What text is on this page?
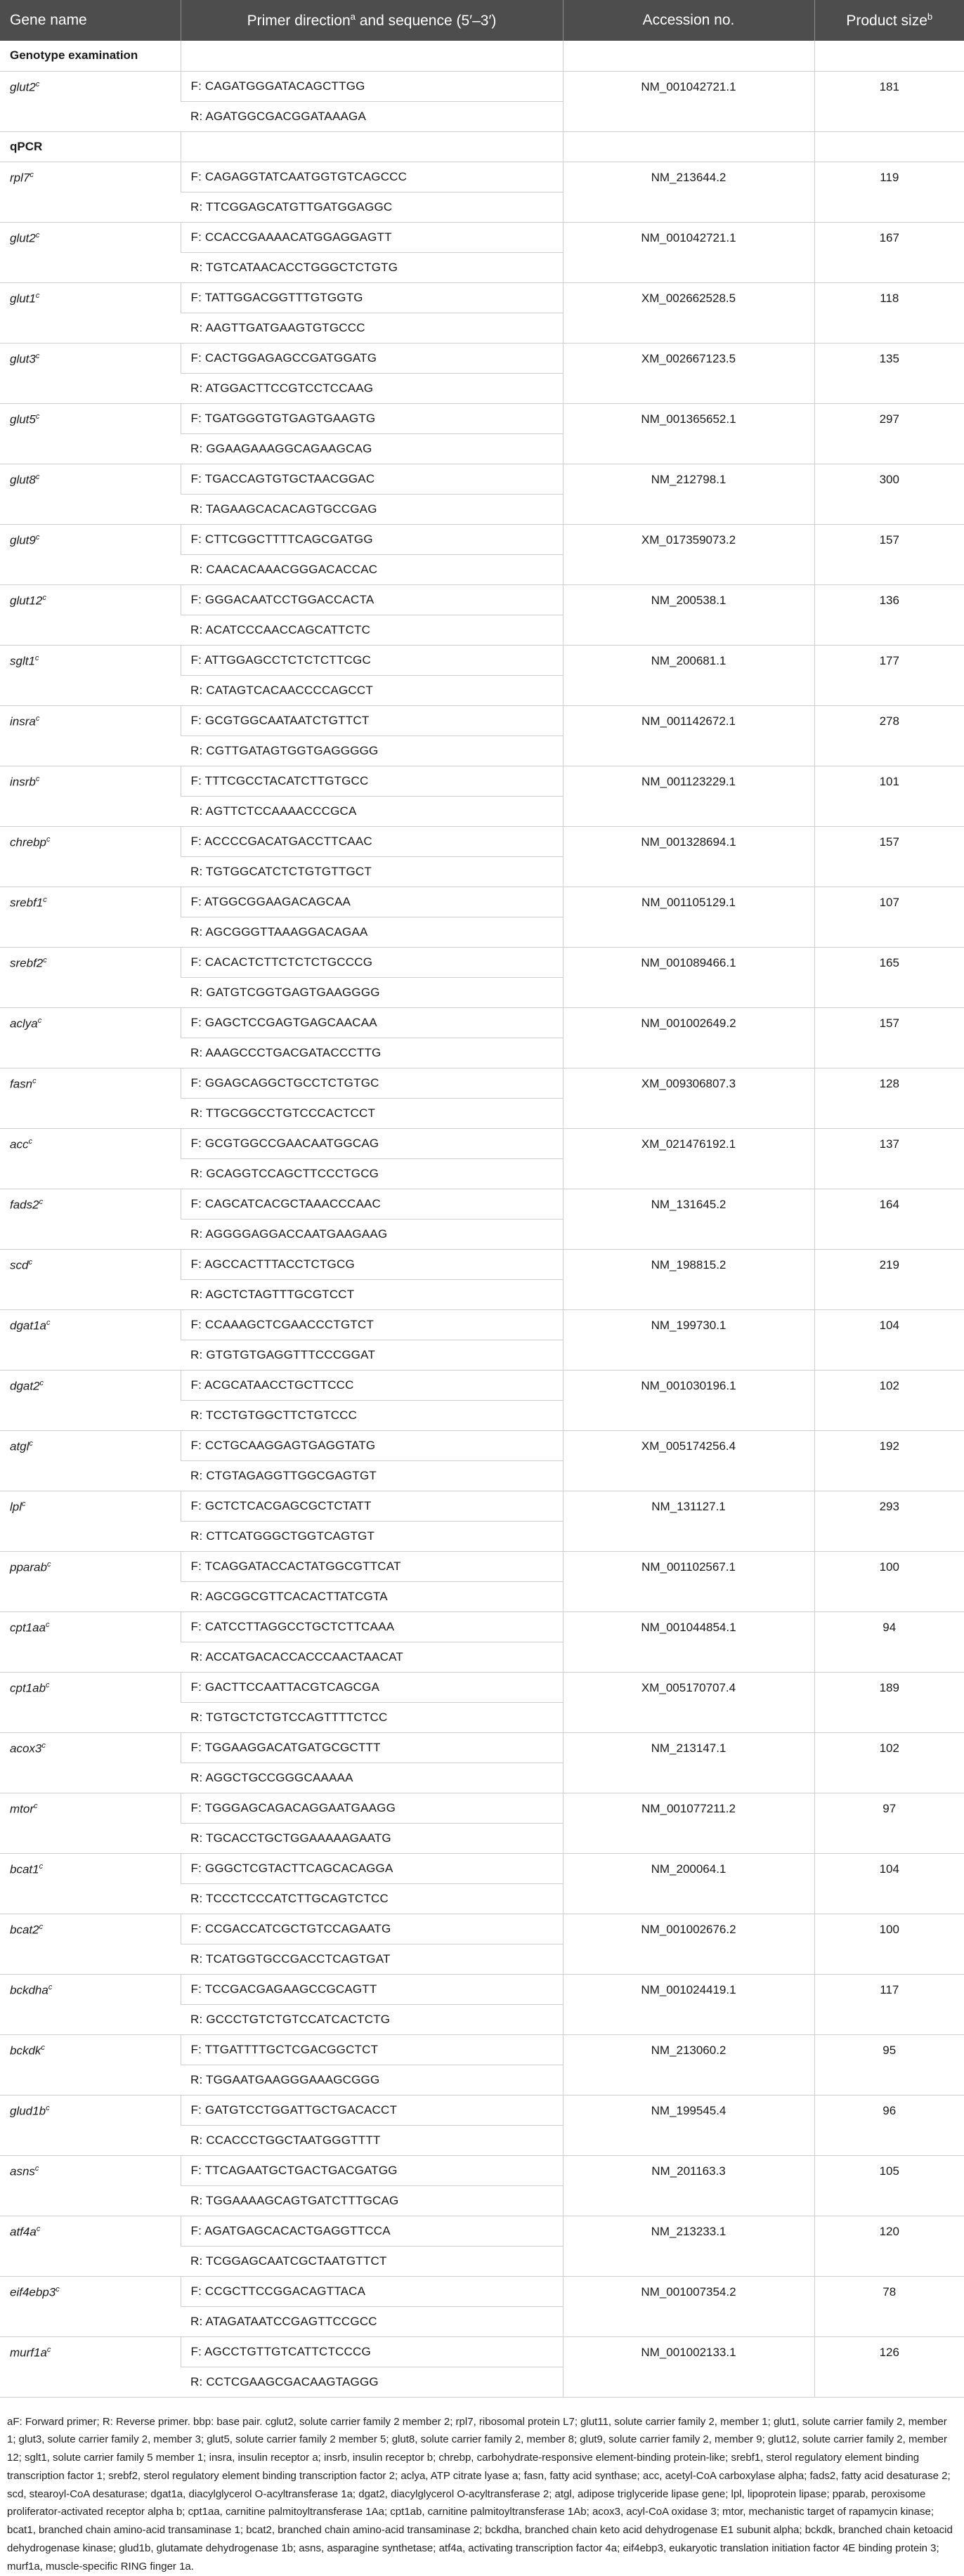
Gene name	Primer direction$^a$ and sequence (5′–3′)	Accession no.	Product size$^b$
Genotype examination			
glut2$^c$	F: CAGATGGGATACAGCTTGG	NM_001042721.1	181
	R: AGATGGCGACGGATAAAGA		
qPCR			
rpl7$^c$	F: CAGAGGTATCAATGGTGTCAGCCC	NM_213644.2	119
	R: TTCGGAGCATGTTGATGGAGGC		
glut2$^c$	F: CCACCGAAAACATGGAGGAGTT	NM_001042721.1	167
	R: TGTCATAACACCTGGGCTCTGTG		
glut1$^c$	F: TATTGGACGGTTTGTGGTG	XM_002662528.5	118
	R: AAGTTGATGAAGTGTGCCC		
glut3$^c$	F: CACTGGAGAGCCGATGGATG	XM_002667123.5	135
	R: ATGGACTTCCGTCCTCCAAG		
glut5$^c$	F: TGATGGGTGTGAGTGAAGTG	NM_001365652.1	297
	R: GGAAGAAAGGCAGAAGCAG		
glut8$^c$	F: TGACCAGTGTGCTAACGGAC	NM_212798.1	300
	R: TAGAAGCACACAGTGCCGAG		
glut9$^c$	F: CTTCGGCTTTTCAGCGATGG	XM_017359073.2	157
	R: CAACACAAACGGGACACCAC		
glut12$^c$	F: GGGACAATCCTGGACCACTA	NM_200538.1	136
	R: ACATCCCAACCAGCATTCTC		
sglt1$^c$	F: ATTGGAGCCTCTCTCTTCGC	NM_200681.1	177
	R: CATAGTCACAACCCCAGCCT		
insra$^c$	F: GCGTGGCAATAATCTGTTCT	NM_001142672.1	278
	R: CGTTGATAGTGGTGAGGGGG		
insrb$^c$	F: TTTCGCCTACATCTTGTGCC	NM_001123229.1	101
	R: AGTTCTCCAAAACCCGCA		
chrebp$^c$	F: ACCCCGACATGACCTTCAAC	NM_001328694.1	157
	R: TGTGGCATCTCTGTGTTGCT		
srebf1$^c$	F: ATGGCGGAAGACAGCAA	NM_001105129.1	107
	R: AGCGGGTTAAAGGACAGAA		
srebf2$^c$	F: CACACTCTTCTCTCTGCCCG	NM_001089466.1	165
	R: GATGTCGGTGAGTGAAGGGG		
aclya$^c$	F: GAGCTCCGAGTGAGCAACAA	NM_001002649.2	157
	R: AAAGCCCTGACGATACCCTTG		
fasn$^c$	F: GGAGCAGGCTGCCTCTGTGC	XM_009306807.3	128
	R: TTGCGGCCTGTCCCACTCCT		
acc$^c$	F: GCGTGGCCGAACAATGGCAG	XM_021476192.1	137
	R: GCAGGTCCAGCTTCCCTGCG		
fads2$^c$	F: CAGCATCACGCTAAACCCAAC	NM_131645.2	164
	R: AGGGGAGGACCAATGAAGAAG		
scd$^c$	F: AGCCACTTTACCTCTGCG	NM_198815.2	219
	R: AGCTCTAGTTTGCGTCCT		
$dgat1a^c$	F: CCAAAGCTCGAACCCTGTCT	NM_199730.1	104
	R: GTGTGTGAGGTTTCCCGGAT		
dgat2$^c$	F: ACGCATAACCTGCTTCCC	NM_001030196.1	102
	R: TCCTGTGGCTTCTGTCCC		
atgl$^c$	F: CCTGCAAGGAGTGAGGTATG	XM_005174256.4	192
	R: CTGTAGAGGTTGGCGAGTGT		
lpl$^c$	F: GCTCTCACGAGCGCTCTATT	NM_131127.1	293
	R: CTTCATGGGCTGGTCAGTGT		
pparab$^c$	F: TCAGGATACCACTATGGCGTTCAT	NM_001102567.1	100
	R: AGCGGCGTTCACACTTATCGTA		
$cpt1aa^c$	F: CATCCTTAGGCCTGCTCTTCAAA	NM_001044854.1	94
	R: ACCATGACACCACCCAACTAACAT		
$cpt1ab^c$	F: GACTTCCAATTACGTCAGCGA	XM_005170707.4	189
	R: TGTGCTCTGTCCAGTTTTCTCC		
acox3$^c$	F: TGGAAGGACATGATGCGCTTT	NM_213147.1	102
	R: AGGCTGCCGGGCAAAAA		
mtor$^c$	F: TGGGAGCAGACAGGAATGAAGG	NM_001077211.2	97
	R: TGCACCTGCTGGAAAAAGAATG		
bcat1$^c$	F: GGGCTCGTACTTCAGCACAGGA	NM_200064.1	104
	R: TCCCTCCCATCTTGCAGTCTCC		
bcat2$^c$	F: CCGACCATCGCTGTCCAGAATG	NM_001002676.2	100
	R: TCATGGTGCCGACCTCAGTGAT		
bckdha$^c$	F: TCCGACGAGAAGCCGCAGTT	NM_001024419.1	117
	R: GCCCTGTCTGTCCATCACTCTG		
bckdk$^c$	F: TTGATTTTGCTCGACGGCTCT	NM_213060.2	95
	R: TGGAATGAAGGGAAAGCGGG		
$glud1b^c$	F: GATGTCCTGGATTGCTGACACCT	NM_199545.4	96
	R: CCACCCTGGCTAATGGGTTTT		
asns$^c$	F: TTCAGAATGCTGACTGACGATGG	NM_201163.3	105
	R: TGGAAAAGCAGTGATCTTTGCAG		
$atf4a^c$	F: AGATGAGCACACTGAGGTTCCA	NM_213233.1	120
	R: TCGGAGCAATCGCTAATGTTCT		
eif4ebp3$^c$	F: CCGCTTCCGGACAGTTACA	NM_001007354.2	78
	R: ATAGATAATCCGAGTTCCGCC		
$murf1a^c$	F: AGCCTGTTGTCATTCTCCCG	NM_001002133.1	126
	R: CCTCGAAGCGACAAGTAGGG		
aF: Forward primer; R: Reverse primer. bbp: base pair. cglut2, solute carrier family 2 member 2; rpl7, ribosomal protein L7; glut11, solute carrier family 2, member 1; glut1, solute carrier family 2, member 1; glut3, solute carrier family 2, member 3; glut5, solute carrier family 2 member 5; glut8, solute carrier family 2, member 8; glut9, solute carrier family 2, member 9; glut12, solute carrier family 2, member 12; sglt1, solute carrier family 5 member 1; insra, insulin receptor a; insrb, insulin receptor b; chrebp, carbohydrate-responsive element-binding protein-like; srebf1, sterol regulatory element binding transcription factor 1; srebf2, sterol regulatory element binding transcription factor 2; aclya, ATP citrate lyase a; fasn, fatty acid synthase; acc, acetyl-CoA carboxylase alpha; fads2, fatty acid desaturase 2; scd, stearoyl-CoA desaturase; dgat1a, diacylglycerol O-acyltransferase 1a; dgat2, diacylglycerol O-acyltransferase 2; atgl, adipose triglyceride lipase gene; lpl, lipoprotein lipase; pparab, peroxisome proliferator-activated receptor alpha b; cpt1aa, carnitine palmitoyltransferase 1Aa; cpt1ab, carnitine palmitoyltransferase 1Ab; acox3, acyl-CoA oxidase 3; mtor, mechanistic target of rapamycin kinase; bcat1, branched chain amino-acid transaminase 1; bcat2, branched chain amino-acid transaminase 2; bckdha, branched chain keto acid dehydrogenase E1 subunit alpha; bckdk, branched chain ketoacid dehydrogenase kinase; glud1b, glutamate dehydrogenase 1b; asns, asparagine synthetase; atf4a, activating transcription factor 4a; eif4ebp3, eukaryotic translation initiation factor 4E binding protein 3; murf1a, muscle-specific RING finger 1a.
